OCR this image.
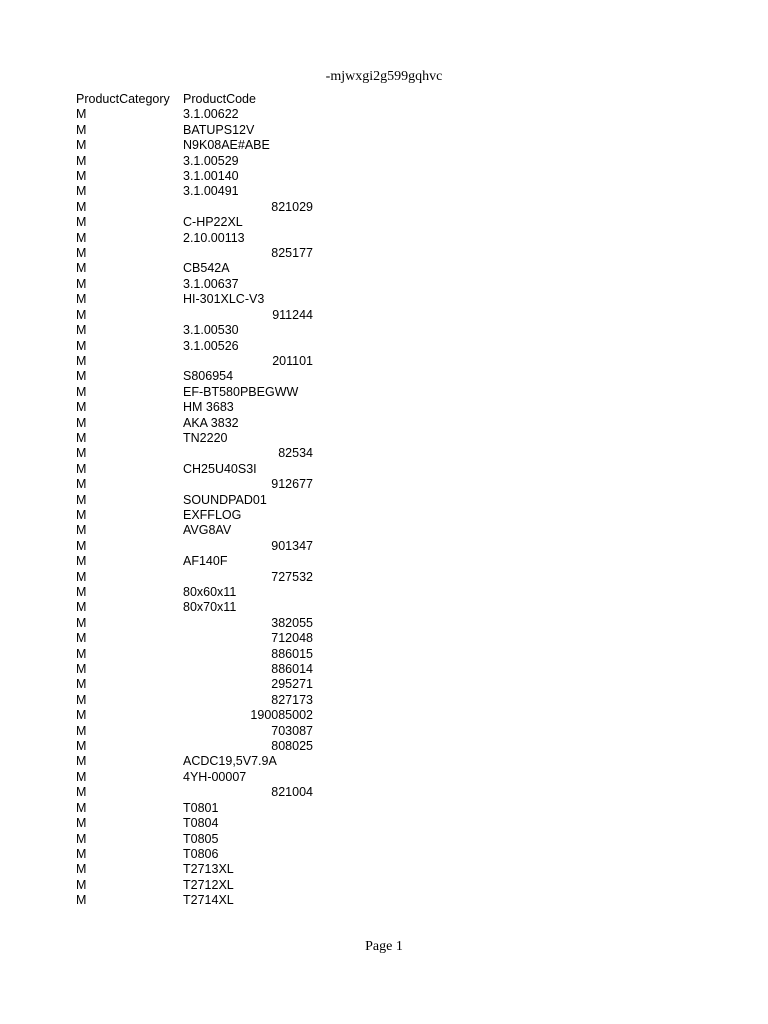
-mjwxgi2g599gqhvc
ProductCategory	ProductCode
M	3.1.00622
M	BATUPS12V
M	N9K08AE#ABE
M	3.1.00529
M	3.1.00140
M	3.1.00491
M	821029
M	C-HP22XL
M	2.10.00113
M	825177
M	CB542A
M	3.1.00637
M	HI-301XLC-V3
M	911244
M	3.1.00530
M	3.1.00526
M	201101
M	S806954
M	EF-BT580PBEGWW
M	HM 3683
M	AKA 3832
M	TN2220
M	82534
M	CH25U40S3I
M	912677
M	SOUNDPAD01
M	EXFFLOG
M	AVG8AV
M	901347
M	AF140F
M	727532
M	80x60x11
M	80x70x11
M	382055
M	712048
M	886015
M	886014
M	295271
M	827173
M	190085002
M	703087
M	808025
M	ACDC19,5V7.9A
M	4YH-00007
M	821004
M	T0801
M	T0804
M	T0805
M	T0806
M	T2713XL
M	T2712XL
M	T2714XL
Page 1
